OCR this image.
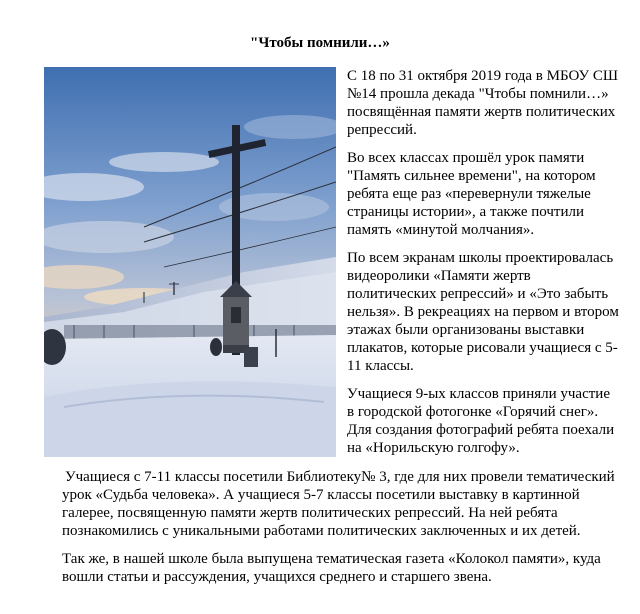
"Чтобы помнили…»

С 18 по 31 октября 2019 года в МБОУ СШ №14 прошла декада "Чтобы помнили…» посвящённая памяти жертв политических репрессий.

Во всех классах прошёл урок памяти "Память сильнее времени", на котором ребята еще раз «перевернули тяжелые страницы истории», а также почтили память «минутой молчания».

По всем экранам школы проектировалась видеоролики «Памяти жертв политических репрессий» и «Это забыть нельзя». В рекреациях на первом и втором этажах были организованы выставки плакатов, которые рисовали учащиеся с 5-11 классы.

Учащиеся 9-ых классов приняли участие в городской фотогонке «Горячий снег». Для создания фотографий ребята поехали на «Норильскую голгофу».

Учащиеся с 7-11 классы посетили Библиотеку№ 3, где для них провели тематический урок «Судьба человека». А учащиеся 5-7 классы посетили выставку в картинной галерее, посвященную памяти жертв политических репрессий. На ней ребята познакомились с уникальными работами политических заключенных и их детей.

Так же, в нашей школе была выпущена тематическая газета «Колокол памяти», куда вошли статьи и рассуждения, учащихся среднего и старшего звена.
